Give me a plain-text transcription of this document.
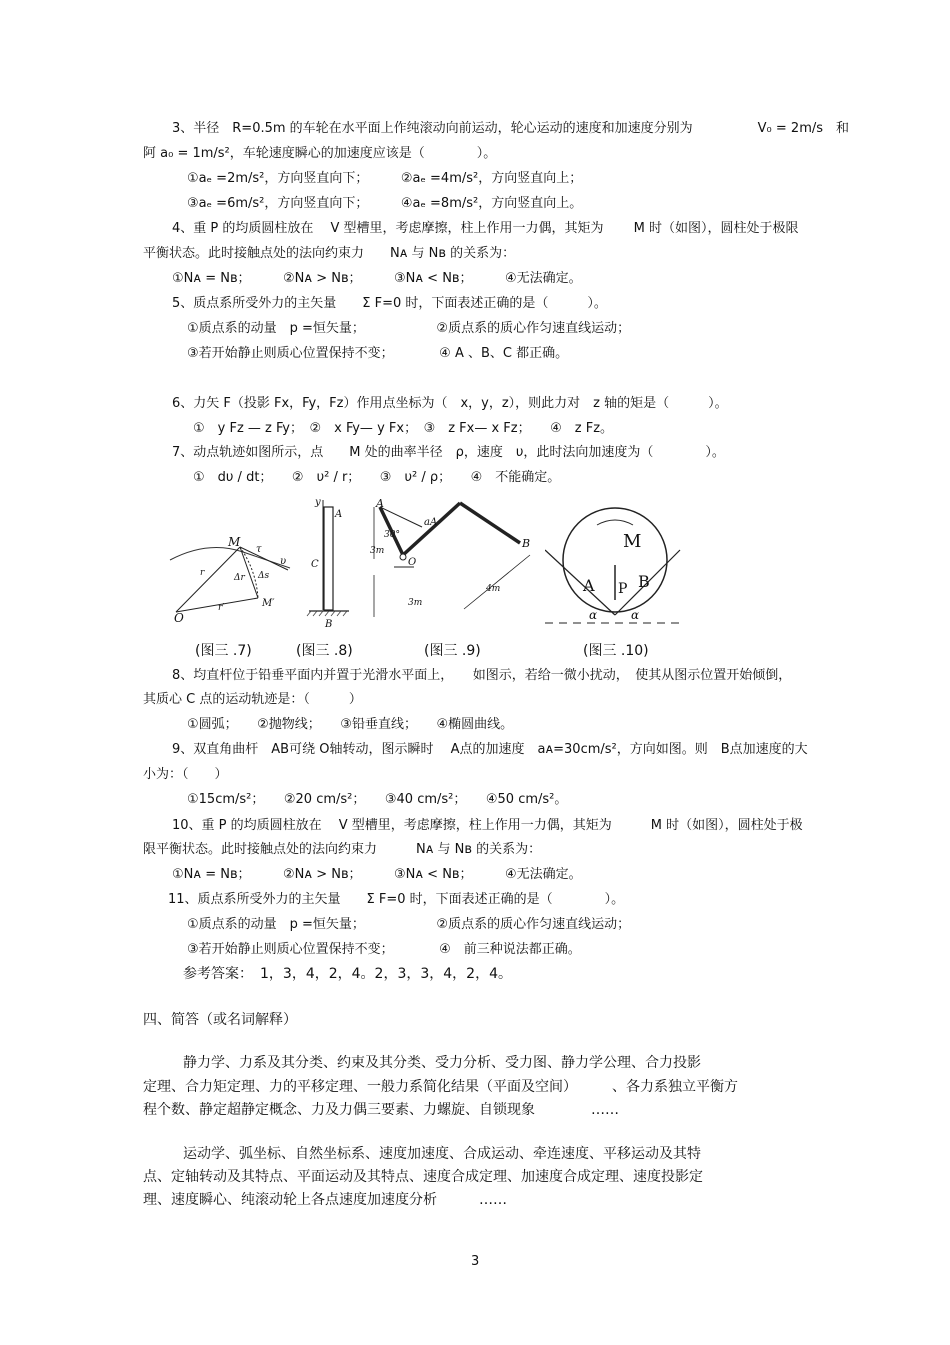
3、半径　R=0.5m 的车轮在水平面上作纯滚动向前运动，轮心运动的速度和加速度分别为　　　　　V₀ = 2m/s　和
阿 a₀ = 1m/s²，车轮速度瞬心的加速度应该是（　　　　）。
①aₑ =2m/s²，方向竖直向下；　　　②aₑ =4m/s²，方向竖直向上；
③aₑ =6m/s²，方向竖直向下；　　　④aₑ =8m/s²，方向竖直向上。
4、重 P 的均质圆柱放在　 V 型槽里，考虑摩擦，柱上作用一力偶，其矩为　　 M 时（如图），圆柱处于极限
平衡状态。此时接触点处的法向约束力　　Nᴀ 与 Nʙ 的关系为：
①Nᴀ = Nʙ；　　　②Nᴀ > Nʙ；　　　③Nᴀ < Nʙ；　　　④无法确定。
5、质点系所受外力的主矢量　　Σ F=0 时，下面表述正确的是（　　　）。
①质点系的动量　p =恒矢量；　　　　　　②质点系的质心作匀速直线运动；
③若开始静止则质心位置保持不变；　　　　④ A 、B、C 都正确。
6、力矢 F（投影 Fx，Fy，Fz）作用点坐标为（　x，y，z），则此力对　z 轴的矩是（　　　）。
①　y Fz — z Fy；　②　x Fy— y Fx；　③　z Fx— x Fz；　　④　z Fz。
7、动点轨迹如图所示，点　　M 处的曲率半径　ρ，速度　υ，此时法向加速度为（　　　　）。
①　dυ / dt；　　②　υ² / r；　　③　υ² / ρ；　　④　不能确定。
M
τ
υ
r	Δr Δs
r′
O
M′
y
A
C
B
A
aA
30°
O
B
3m
3m
4m
M
A P B
α	α
(图三 .7)	(图三 .8)	(图三 .9)	(图三 .10)
8、均直杆位于铅垂平面内并置于光滑水平面上，　　如图示，若给一微小扰动，　使其从图示位置开始倾倒，
其质心 C 点的运动轨迹是：（　　　）
①圆弧；　　②抛物线；　　③铅垂直线；　　④椭圆曲线。
9、双直角曲杆　AB可绕 O轴转动，图示瞬时　 A点的加速度　aᴀ=30cm/s²，方向如图。则　B点加速度的大
小为：（　　）
①15cm/s²；　　②20 cm/s²；　　③40 cm/s²；　　④50 cm/s²。
10、重 P 的均质圆柱放在　 V 型槽里，考虑摩擦，柱上作用一力偶，其矩为　　　M 时（如图），圆柱处于极
限平衡状态。此时接触点处的法向约束力　　　Nᴀ 与 Nʙ 的关系为：
①Nᴀ = Nʙ；　　　②Nᴀ > Nʙ；　　　③Nᴀ < Nʙ；　　　④无法确定。
11、质点系所受外力的主矢量　　Σ F=0 时，下面表述正确的是（　　　　）。
①质点系的动量　p =恒矢量；　　　　　　②质点系的质心作匀速直线运动；
③若开始静止则质心位置保持不变；　　　　④　前三种说法都正确。
参考答案：　1，3，4，2，4。2，3，3，4，2，4。
四、简答（或名词解释）
静力学、力系及其分类、约束及其分类、受力分析、受力图、静力学公理、合力投影
定理、合力矩定理、力的平移定理、一般力系简化结果（平面及空间）　　　、各力系独立平衡方
程个数、静定超静定概念、力及力偶三要素、力螺旋、自锁现象　　　　……
运动学、弧坐标、自然坐标系、速度加速度、合成运动、牵连速度、平移运动及其特
点、定轴转动及其特点、平面运动及其特点、速度合成定理、加速度合成定理、速度投影定
理、速度瞬心、纯滚动轮上各点速度加速度分析　　　……
3
